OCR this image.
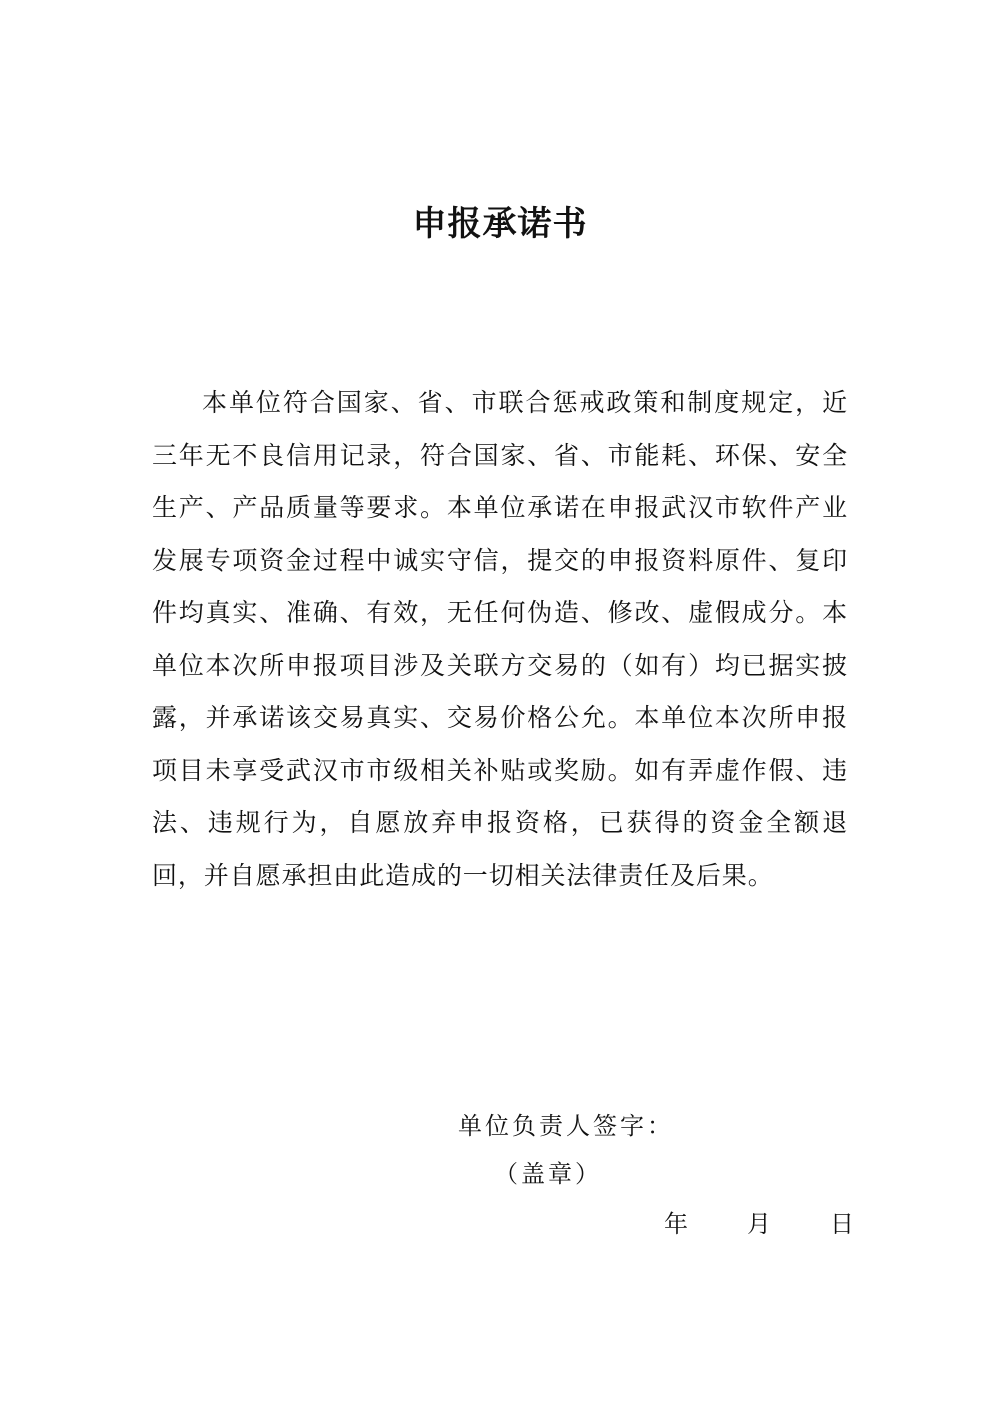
申报承诺书

本单位符合国家、省、市联合惩戒政策和制度规定，近三年无不良信用记录，符合国家、省、市能耗、环保、安全生产、产品质量等要求。本单位承诺在申报武汉市软件产业发展专项资金过程中诚实守信，提交的申报资料原件、复印件均真实、准确、有效，无任何伪造、修改、虚假成分。本单位本次所申报项目涉及关联方交易的（如有）均已据实披露，并承诺该交易真实、交易价格公允。本单位本次所申报项目未享受武汉市市级相关补贴或奖励。如有弄虚作假、违法、违规行为，自愿放弃申报资格，已获得的资金全额退回，并自愿承担由此造成的一切相关法律责任及后果。

单位负责人签字：
（盖章）
年 月 日
